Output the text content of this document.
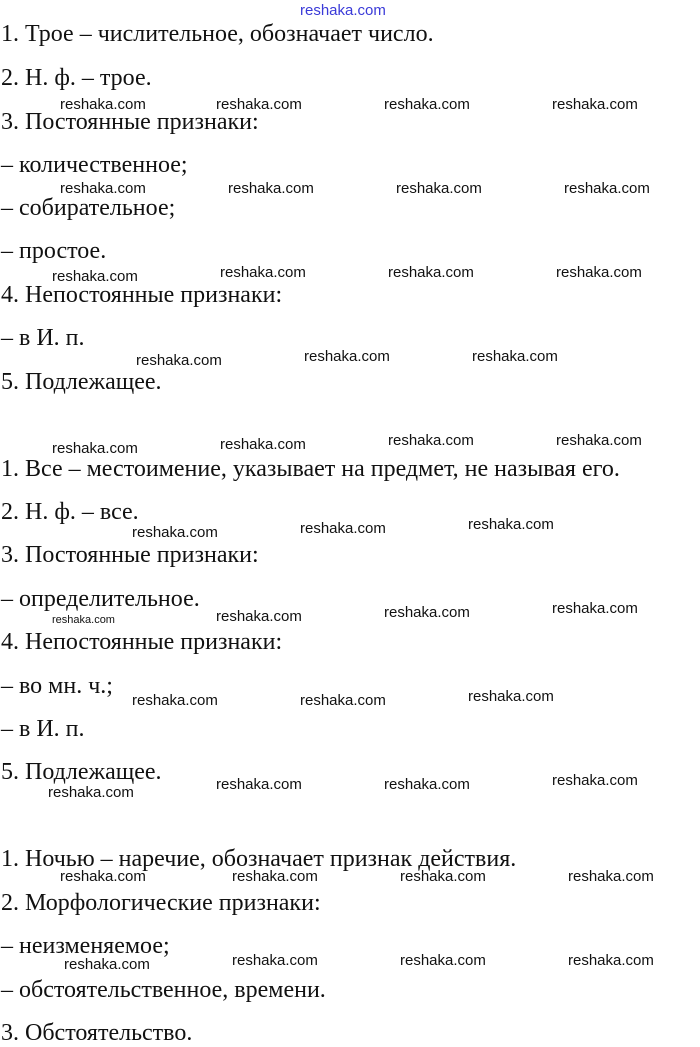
reshaka.com
1. Трое – числительное, обозначает число.
2. Н. ф. – трое.
3. Постоянные признаки:
– количественное;
– собирательное;
– простое.
4. Непостоянные признаки:
– в И. п.
5. Подлежащее.
1. Все – местоимение, указывает на предмет, не называя его.
2. Н. ф. – все.
3. Постоянные признаки:
– определительное.
4. Непостоянные признаки:
– во мн. ч.;
– в И. п.
5. Подлежащее.
1. Ночью – наречие, обозначает признак действия.
2. Морфологические признаки:
– неизменяемое;
– обстоятельственное, времени.
3. Обстоятельство.
reshaka.com	reshaka.com	reshaka.com	reshaka.com
reshaka.com	reshaka.com	reshaka.com	reshaka.com
reshaka.com	reshaka.com	reshaka.com	reshaka.com
reshaka.com	reshaka.com	reshaka.com
reshaka.com	reshaka.com	reshaka.com	reshaka.com
reshaka.com	reshaka.com	reshaka.com
reshaka.com	reshaka.com	reshaka.com	reshaka.com
reshaka.com	reshaka.com	reshaka.com
reshaka.com	reshaka.com	reshaka.com	reshaka.com
reshaka.com	reshaka.com	reshaka.com	reshaka.com
reshaka.com	reshaka.com	reshaka.com	reshaka.com
